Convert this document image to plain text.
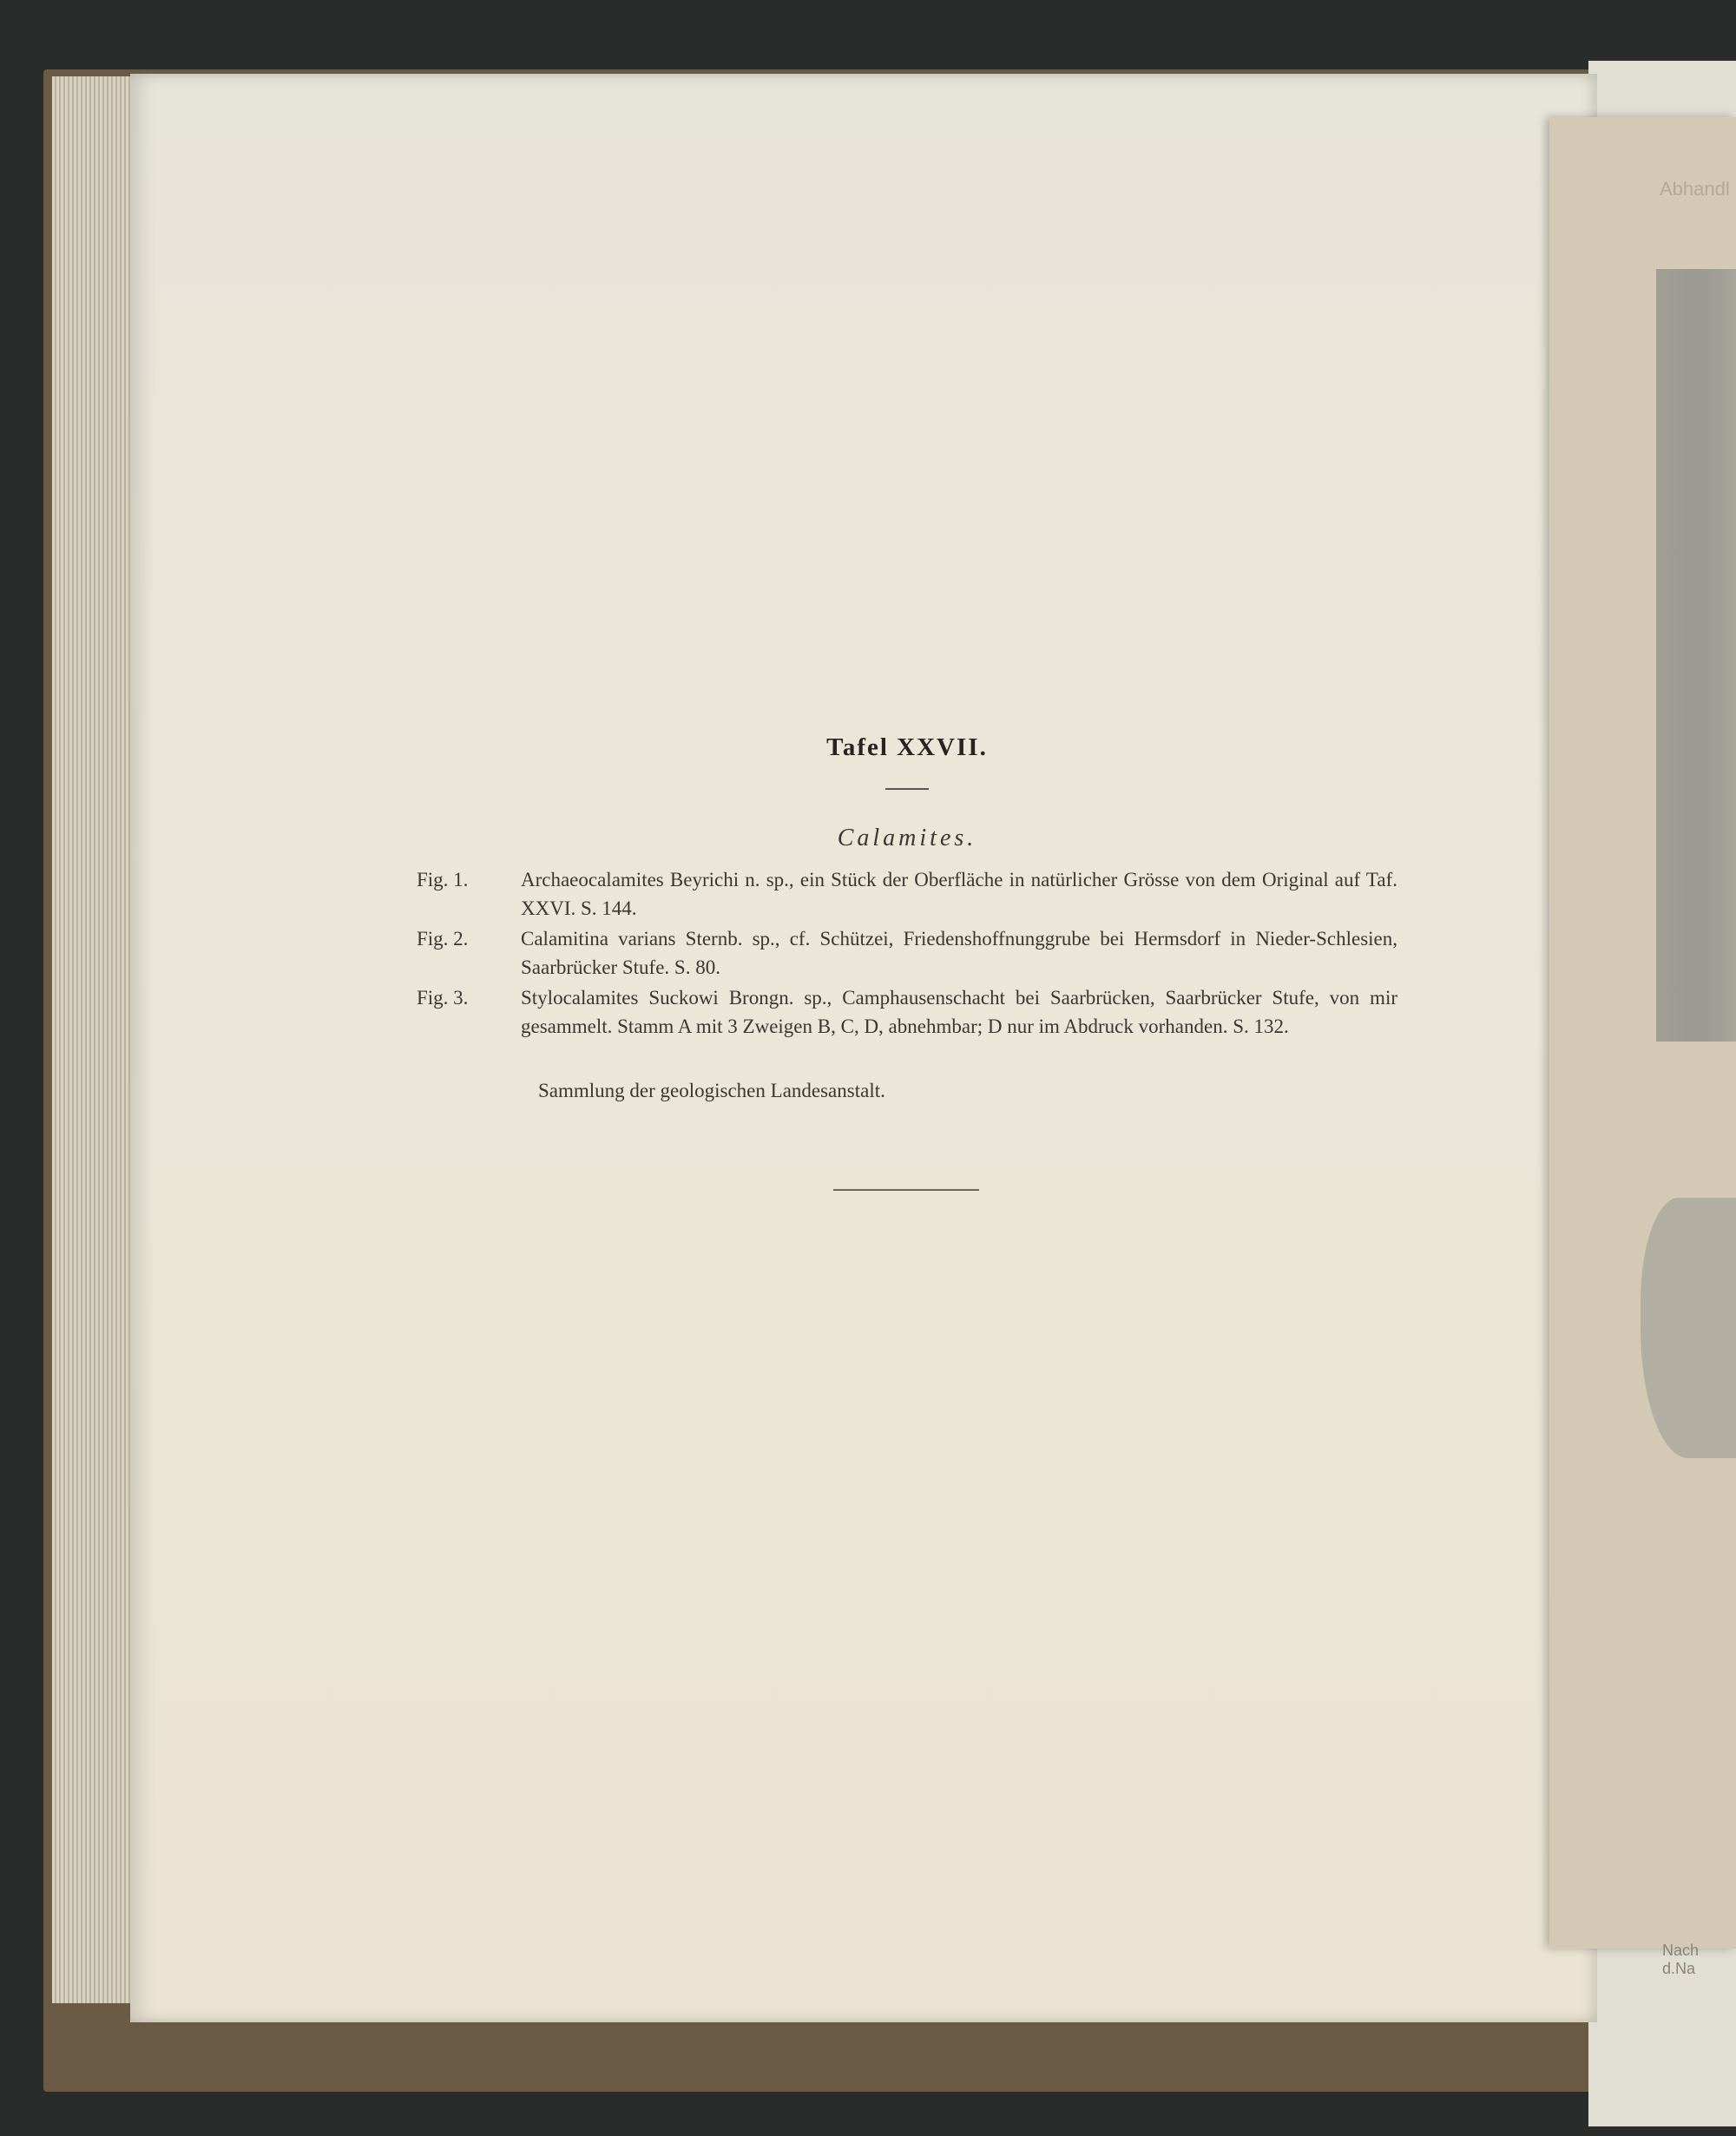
Abhandl
Nach d.Na
Tafel XXVII.
Calamites.
Fig. 1.	Archaeocalamites Beyrichi n. sp., ein Stück der Oberfläche in natürlicher Grösse von dem Original auf Taf. XXVI. S. 144.
Fig. 2.	Calamitina varians Sternb. sp., cf. Schützei, Friedenshoffnunggrube bei Hermsdorf in Nieder-Schlesien, Saarbrücker Stufe. S. 80.
Fig. 3.	Stylocalamites Suckowi Brongn. sp., Camphausenschacht bei Saarbrücken, Saarbrücker Stufe, von mir gesammelt. Stamm A mit 3 Zweigen B, C, D, abnehmbar; D nur im Abdruck vorhanden. S. 132.
Sammlung der geologischen Landesanstalt.
